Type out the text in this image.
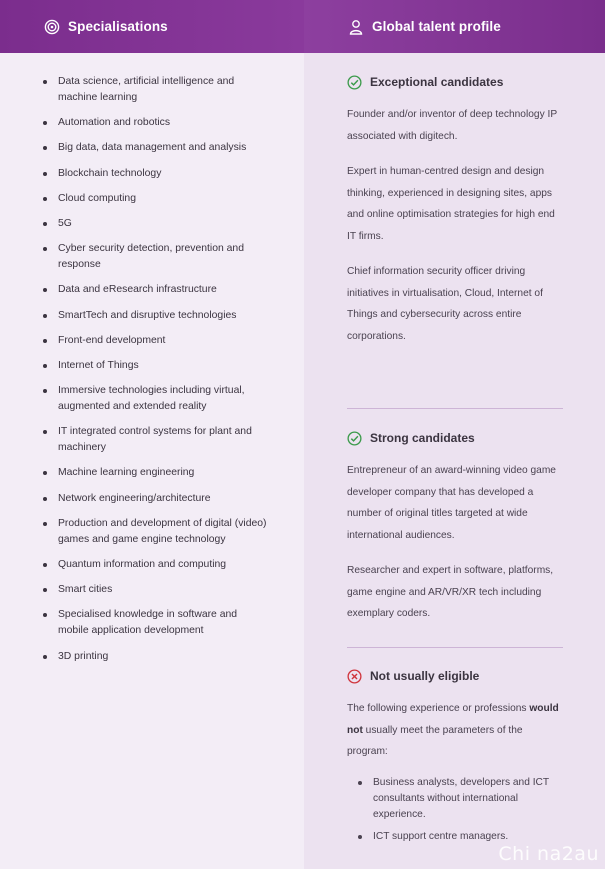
Specialisations
Data science, artificial intelligence and machine learning
Automation and robotics
Big data, data management and analysis
Blockchain technology
Cloud computing
5G
Cyber security detection, prevention and response
Data and eResearch infrastructure
SmartTech and disruptive technologies
Front-end development
Internet of Things
Immersive technologies including virtual, augmented and extended reality
IT integrated control systems for plant and machinery
Machine learning engineering
Network engineering/architecture
Production and development of digital (video) games and game engine technology
Quantum information and computing
Smart cities
Specialised knowledge in software and mobile application development
3D printing
Global talent profile
Exceptional candidates

Founder and/or inventor of deep technology IP associated with digitech.

Expert in human-centred design and design thinking, experienced in designing sites, apps and online optimisation strategies for high end IT firms.

Chief information security officer driving initiatives in virtualisation, Cloud, Internet of Things and cybersecurity across entire corporations.

Strong candidates

Entrepreneur of an award-winning video game developer company that has developed a number of original titles targeted at wide international audiences.

Researcher and expert in software, platforms, game engine and AR/VR/XR tech including exemplary coders.

Not usually eligible

The following experience or professions would not usually meet the parameters of the program:

Business analysts, developers and ICT consultants without international experience.
ICT support centre managers.
Chi na2au
